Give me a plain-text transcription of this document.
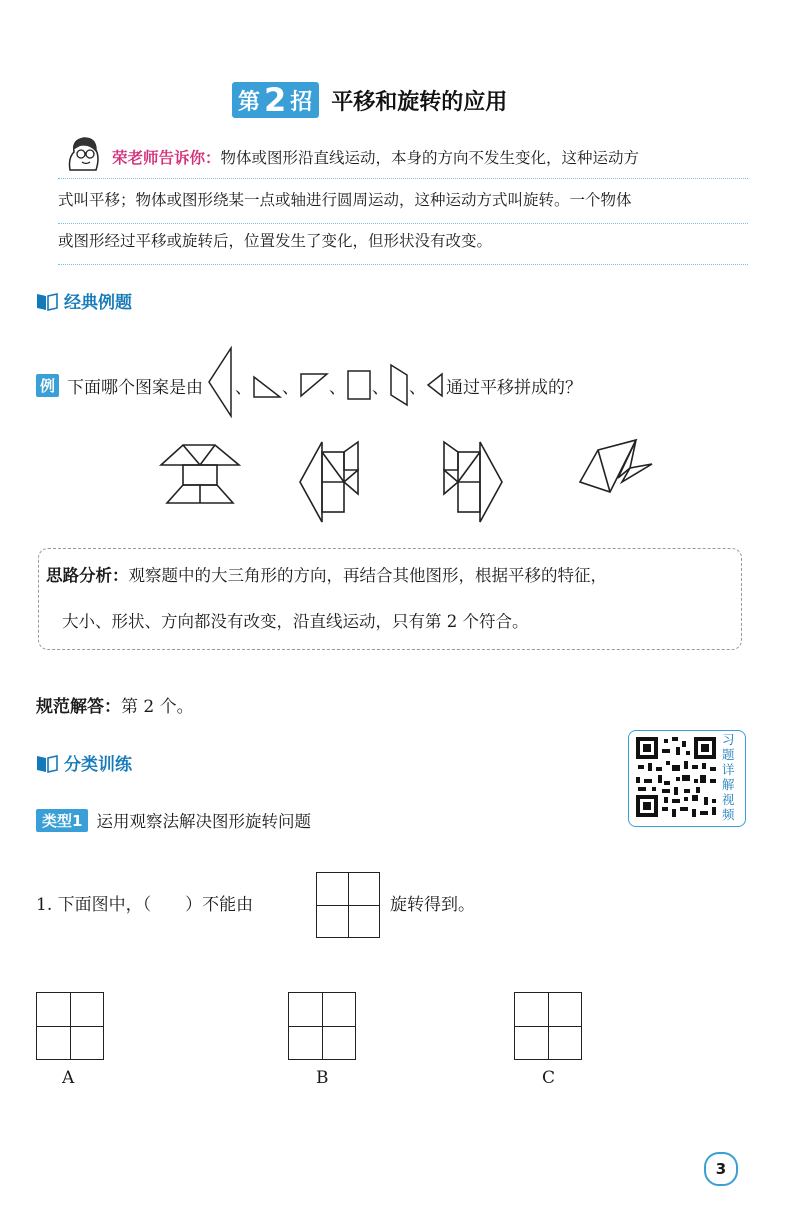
第 2 招 平移和旋转的应用
荣老师告诉你：物体或图形沿直线运动，本身的方向不发生变化，这种运动方
式叫平移；物体或图形绕某一点或轴进行圆周运动，这种运动方式叫旋转。一个物体
或图形经过平移或旋转后，位置发生了变化，但形状没有改变。
经典例题
例 下面哪个图案是由 、 、 、 、 、 通过平移拼成的？
思路分析：观察题中的大三角形的方向，再结合其他图形，根据平移的特征，
大小、形状、方向都没有改变，沿直线运动，只有第 2 个符合。
规范解答：第 2 个。
分类训练
习题详解视频
类型1 运用观察法解决图形旋转问题
1. 下面图中，（　　）不能由	旋转得到。
A	B	C
3
